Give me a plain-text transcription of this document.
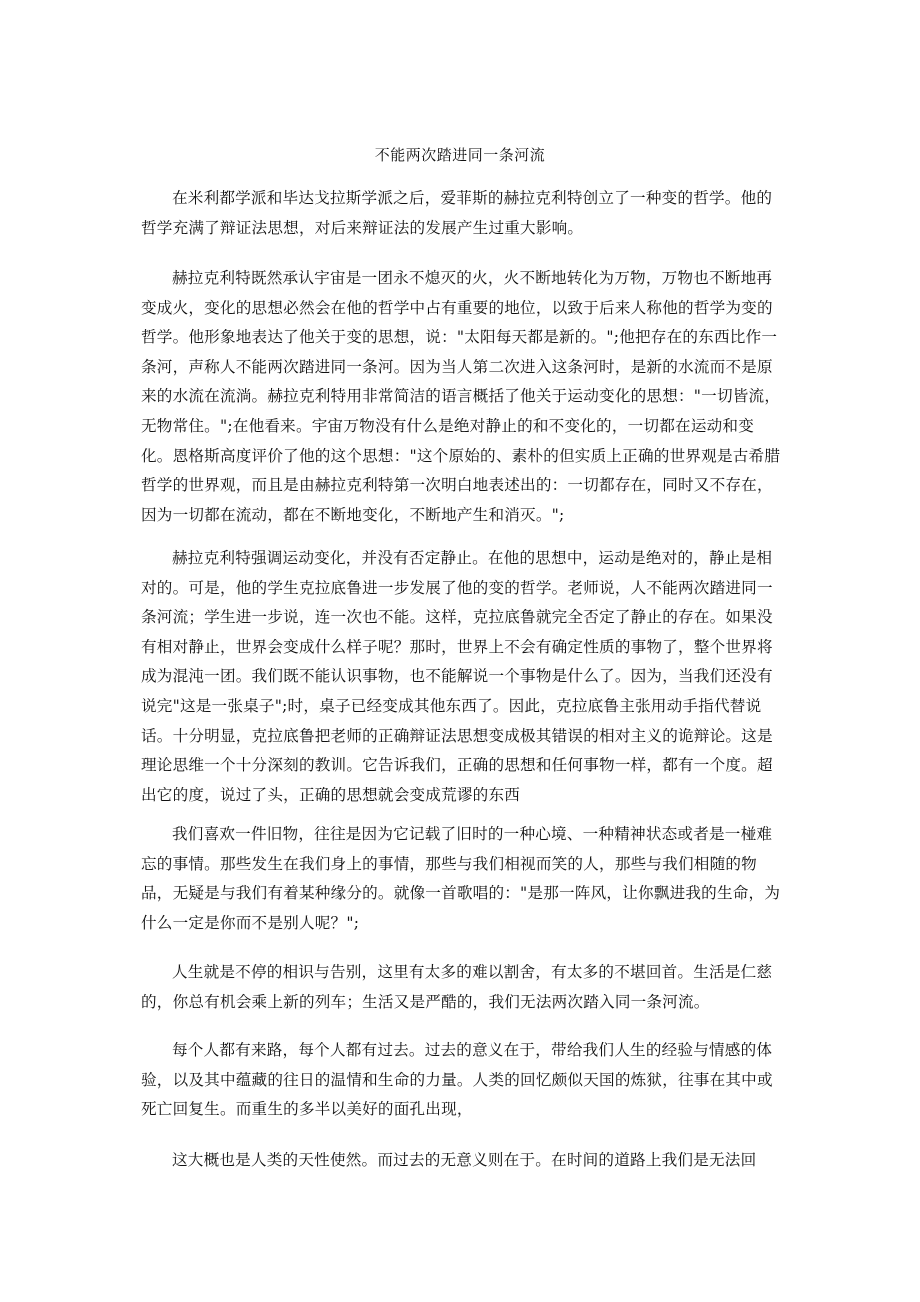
不能两次踏进同一条河流

在米利都学派和毕达戈拉斯学派之后，爱菲斯的赫拉克利特创立了一种变的哲学。他的哲学充满了辩证法思想，对后来辩证法的发展产生过重大影响。

赫拉克利特既然承认宇宙是一团永不熄灭的火，火不断地转化为万物，万物也不断地再变成火，变化的思想必然会在他的哲学中占有重要的地位，以致于后来人称他的哲学为变的哲学。他形象地表达了他关于变的思想，说："太阳每天都是新的。";他把存在的东西比作一条河，声称人不能两次踏进同一条河。因为当人第二次进入这条河时，是新的水流而不是原来的水流在流淌。赫拉克利特用非常简洁的语言概括了他关于运动变化的思想："一切皆流，无物常住。";在他看来。宇宙万物没有什么是绝对静止的和不变化的，一切都在运动和变化。恩格斯高度评价了他的这个思想："这个原始的、素朴的但实质上正确的世界观是古希腊哲学的世界观，而且是由赫拉克利特第一次明白地表述出的：一切都存在，同时又不存在，因为一切都在流动，都在不断地变化，不断地产生和消灭。";

赫拉克利特强调运动变化，并没有否定静止。在他的思想中，运动是绝对的，静止是相对的。可是，他的学生克拉底鲁进一步发展了他的变的哲学。老师说，人不能两次踏进同一条河流；学生进一步说，连一次也不能。这样，克拉底鲁就完全否定了静止的存在。如果没有相对静止，世界会变成什么样子呢？那时，世界上不会有确定性质的事物了，整个世界将成为混沌一团。我们既不能认识事物，也不能解说一个事物是什么了。因为，当我们还没有说完"这是一张桌子";时，桌子已经变成其他东西了。因此，克拉底鲁主张用动手指代替说话。十分明显，克拉底鲁把老师的正确辩证法思想变成极其错误的相对主义的诡辩论。这是理论思维一个十分深刻的教训。它告诉我们，正确的思想和任何事物一样，都有一个度。超出它的度，说过了头，正确的思想就会变成荒谬的东西

我们喜欢一件旧物，往往是因为它记载了旧时的一种心境、一种精神状态或者是一椪难忘的事情。那些发生在我们身上的事情，那些与我们相视而笑的人，那些与我们相随的物品，无疑是与我们有着某种缘分的。就像一首歌唱的："是那一阵风，让你飘进我的生命，为什么一定是你而不是别人呢？";

人生就是不停的相识与告别，这里有太多的难以割舍，有太多的不堪回首。生活是仁慈的，你总有机会乘上新的列车；生活又是严酷的，我们无法两次踏入同一条河流。

每个人都有来路，每个人都有过去。过去的意义在于，带给我们人生的经验与情感的体验，以及其中蕴藏的往日的温情和生命的力量。人类的回忆颇似天国的炼狱，往事在其中或死亡回复生。而重生的多半以美好的面孔出现，

这大概也是人类的天性使然。而过去的无意义则在于。在时间的道路上我们是无法回
